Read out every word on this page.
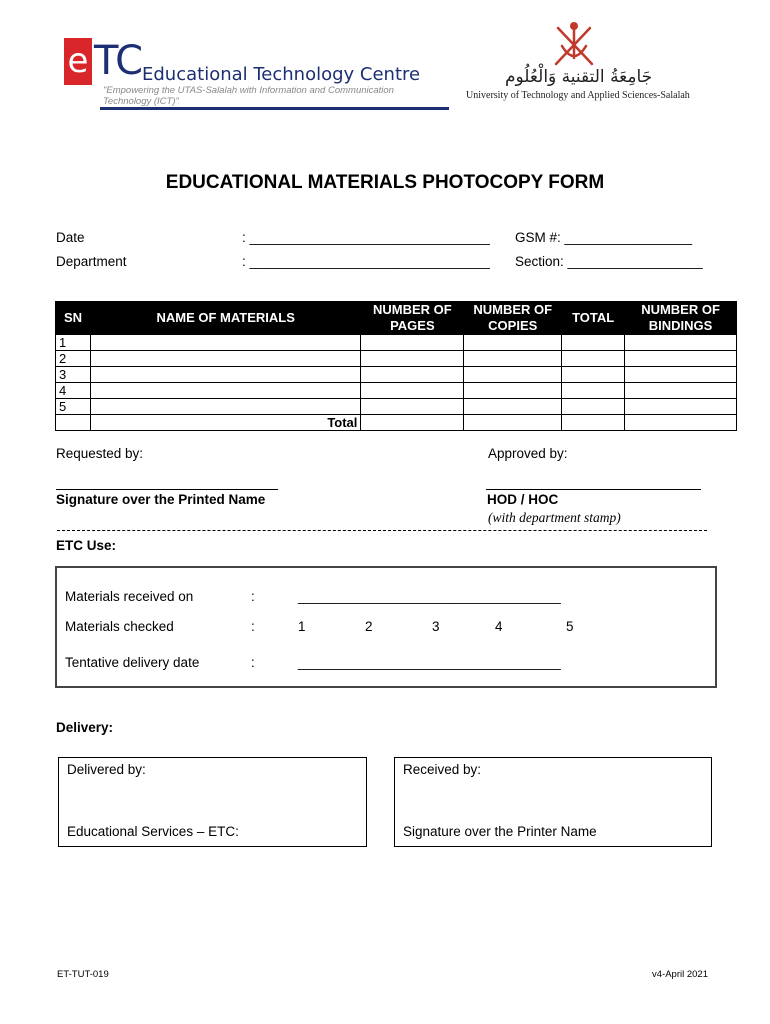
e TC Educational Technology Centre
"Empowering the UTAS-Salalah with Information and Communication Technology (ICT)"
جَامِعَةُ التقنية وَالْعُلُوم
University of Technology and Applied Sciences-Salalah
EDUCATIONAL MATERIALS PHOTOCOPY FORM
Date	: ________________________________ GSM #: _________________
Department	: ________________________________ Section: __________________
SN	NAME OF MATERIALS	NUMBER OF PAGES	NUMBER OF COPIES	TOTAL	NUMBER OF BINDINGS
1					
2					
3					
4					
5					
	Total				
Requested by:	Approved by:
Signature over the Printed Name	HOD / HOC
(with department stamp)
ETC Use:
Materials received on	:	___________________________________
Materials checked	:	1	2	3	4	5
Tentative delivery date	:	___________________________________
Delivery:
Delivered by:
Educational Services – ETC:
Received by:
Signature over the Printer Name
ET-TUT-019	v4-April 2021
